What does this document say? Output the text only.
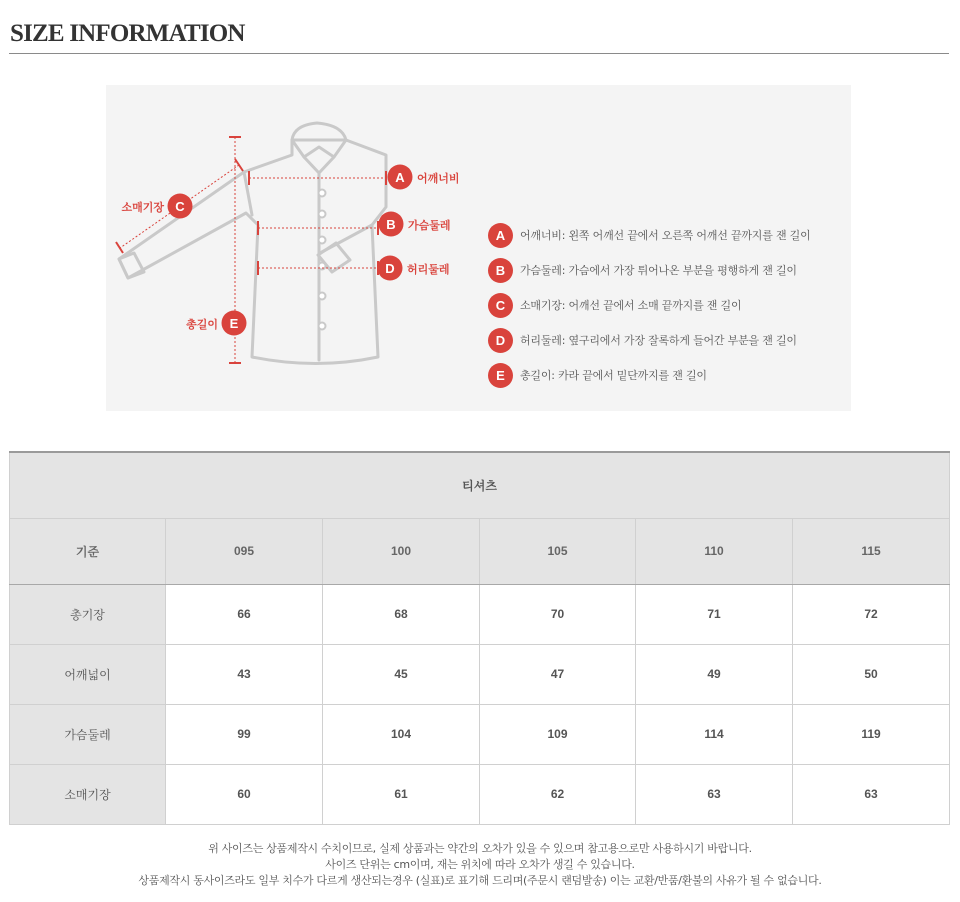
SIZE INFORMATION
A
B
C
D
E
어깨너비
가슴둘레
소매기장
허리둘레
총길이
A	어깨너비: 왼쪽 어깨선 끝에서 오른쪽 어깨선 끝까지를 잰 길이
B	가슴둘레: 가슴에서 가장 튀어나온 부분을 평행하게 잰 길이
C	소매기장: 어깨선 끝에서 소매 끝까지를 잰 길이
D	허리둘레: 옆구리에서 가장 잘록하게 들어간 부분을 잰 길이
E	총길이: 카라 끝에서 밑단까지를 잰 길이
티셔츠					
기준	095	100	105	110	115
총기장	66	68	70	71	72
어깨넓이	43	45	47	49	50
가슴둘레	99	104	109	114	119
소매기장	60	61	62	63	63
위 사이즈는 상품제작시 수치이므로, 실제 상품과는 약간의 오차가 있을 수 있으며 참고용으로만 사용하시기 바랍니다.
사이즈 단위는 cm이며, 재는 위치에 따라 오차가 생길 수 있습니다.
상품제작시 동사이즈라도 일부 치수가 다르게 생산되는경우 (실표)로 표기해 드리며(주문시 랜덤발송) 이는 교환/반품/환불의 사유가 될 수 없습니다.
